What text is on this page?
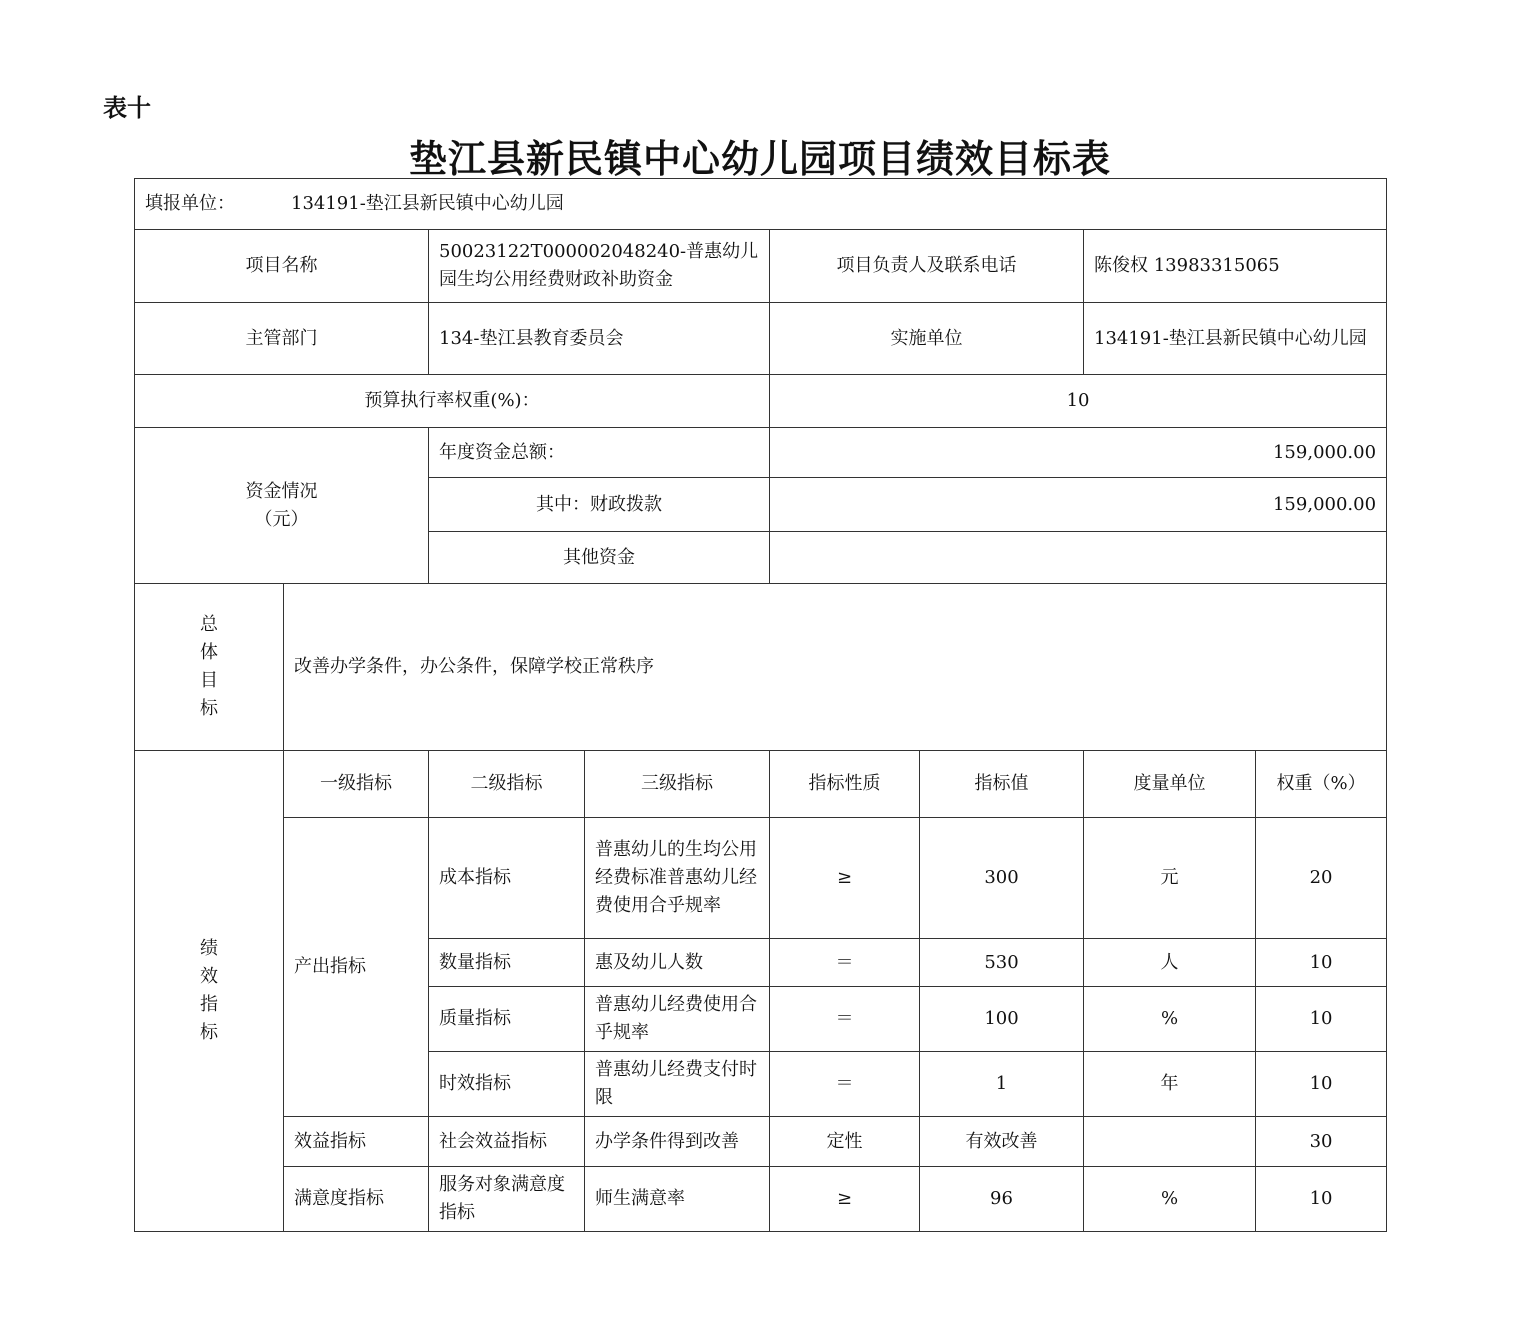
表十
垫江县新民镇中心幼儿园项目绩效目标表
填报单位： 134191-垫江县新民镇中心幼儿园							
项目名称		50023122T000002048240-普惠幼儿园生均公用经费财政补助资金		项目负责人及联系电话		陈俊权 13983315065	
主管部门		134-垫江县教育委员会		实施单位		134191-垫江县新民镇中心幼儿园	
预算执行率权重(%)：				10			
资金情况
（元）		年度资金总额：		159,000.00			
		其中：财政拨款		159,000.00			
		其他资金					

总
体
目
标	改善办学条件，办公条件，保障学校正常秩序						

绩
效
指
标	一级指标	二级指标	三级指标	指标性质	指标值	度量单位	权重（%）
	产出指标	成本指标	普惠幼儿的生均公用经费标准普惠幼儿经费使用合乎规率	≥	300	元	20
		数量指标	惠及幼儿人数	＝	530	人	10
		质量指标	普惠幼儿经费使用合乎规率	＝	100	%	10
		时效指标	普惠幼儿经费支付时限	＝	1	年	10
	效益指标	社会效益指标	办学条件得到改善	定性	有效改善		30
	满意度指标	服务对象满意度指标	师生满意率	≥	96	%	10
